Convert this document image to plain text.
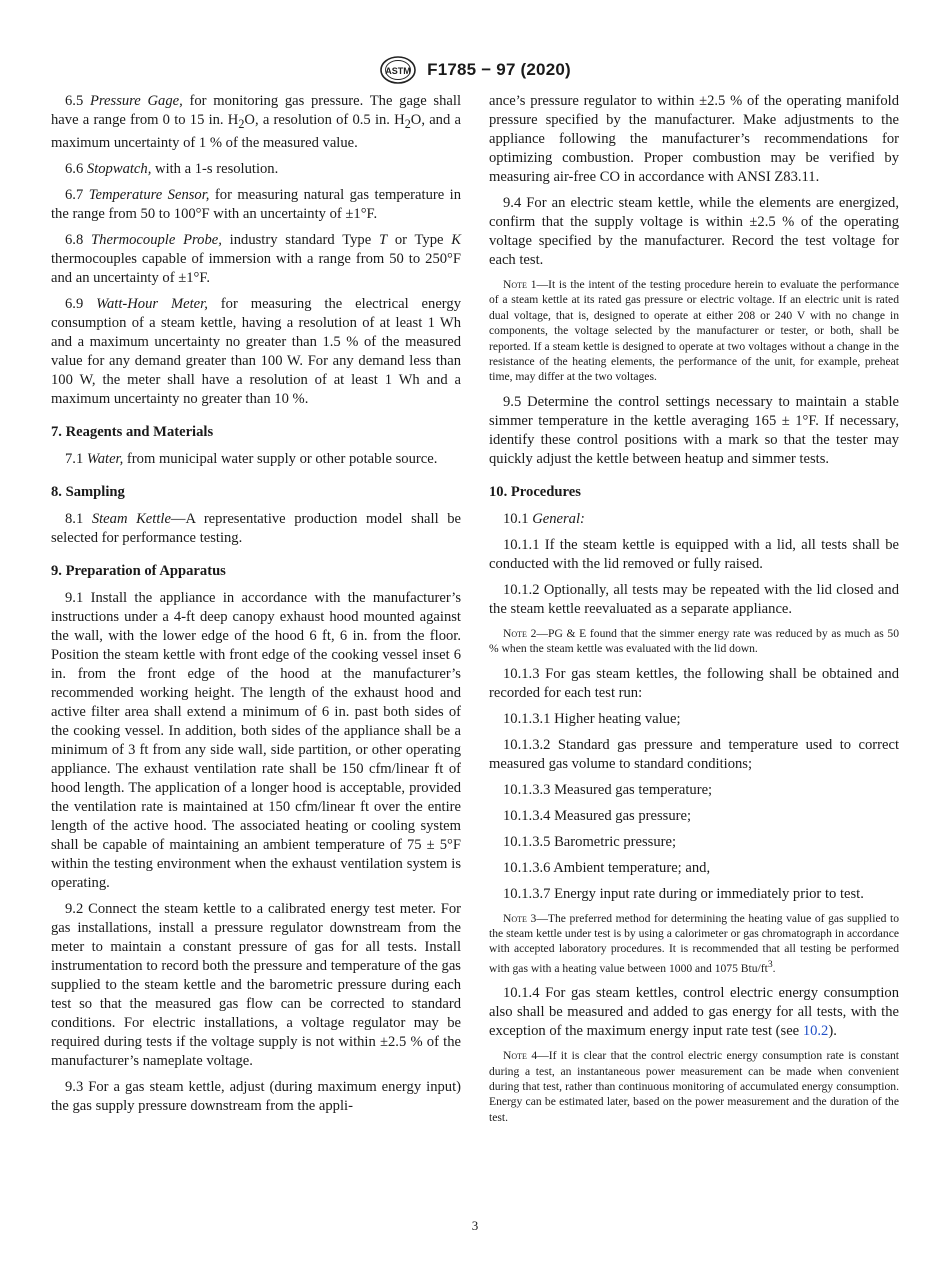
ASTM F1785 − 97 (2020)

6.5 Pressure Gage, for monitoring gas pressure. The gage shall have a range from 0 to 15 in. $H_2O$, a resolution of 0.5 in. $H_2O$, and a maximum uncertainty of 1 % of the measured value.

6.6 Stopwatch, with a 1-s resolution.

6.7 Temperature Sensor, for measuring natural gas temperature in the range from 50 to 100°F with an uncertainty of ±1°F.

6.8 Thermocouple Probe, industry standard Type T or Type K thermocouples capable of immersion with a range from 50 to 250°F and an uncertainty of ±1°F.

6.9 Watt-Hour Meter, for measuring the electrical energy consumption of a steam kettle, having a resolution of at least 1 Wh and a maximum uncertainty no greater than 1.5 % of the measured value for any demand greater than 100 W. For any demand less than 100 W, the meter shall have a resolution of at least 1 Wh and a maximum uncertainty no greater than 10 %.

7. Reagents and Materials

7.1 Water, from municipal water supply or other potable source.

8. Sampling

8.1 Steam Kettle—A representative production model shall be selected for performance testing.

9. Preparation of Apparatus

9.1 Install the appliance in accordance with the manufacturer’s instructions under a 4-ft deep canopy exhaust hood mounted against the wall, with the lower edge of the hood 6 ft, 6 in. from the floor. Position the steam kettle with front edge of the cooking vessel inset 6 in. from the front edge of the hood at the manufacturer’s recommended working height. The length of the exhaust hood and active filter area shall extend a minimum of 6 in. past both sides of the cooking vessel. In addition, both sides of the appliance shall be a minimum of 3 ft from any side wall, side partition, or other operating appliance. The exhaust ventilation rate shall be 150 cfm/linear ft of hood length. The application of a longer hood is acceptable, provided the ventilation rate is maintained at 150 cfm/linear ft over the entire length of the active hood. The associated heating or cooling system shall be capable of maintaining an ambient temperature of 75 ± 5°F within the testing environment when the exhaust ventilation system is operating.

9.2 Connect the steam kettle to a calibrated energy test meter. For gas installations, install a pressure regulator downstream from the meter to maintain a constant pressure of gas for all tests. Install instrumentation to record both the pressure and temperature of the gas supplied to the steam kettle and the barometric pressure during each test so that the measured gas flow can be corrected to standard conditions. For electric installations, a voltage regulator may be required during tests if the voltage supply is not within ±2.5 % of the manufacturer’s nameplate voltage.

9.3 For a gas steam kettle, adjust (during maximum energy input) the gas supply pressure downstream from the appli-

ance’s pressure regulator to within ±2.5 % of the operating manifold pressure specified by the manufacturer. Make adjustments to the appliance following the manufacturer’s recommendations for optimizing combustion. Proper combustion may be verified by measuring air-free CO in accordance with ANSI Z83.11.

9.4 For an electric steam kettle, while the elements are energized, confirm that the supply voltage is within ±2.5 % of the operating voltage specified by the manufacturer. Record the test voltage for each test.

Note 1—It is the intent of the testing procedure herein to evaluate the performance of a steam kettle at its rated gas pressure or electric voltage. If an electric unit is rated dual voltage, that is, designed to operate at either 208 or 240 V with no change in components, the voltage selected by the manufacturer or tester, or both, shall be reported. If a steam kettle is designed to operate at two voltages without a change in the resistance of the heating elements, the performance of the unit, for example, preheat time, may differ at the two voltages.

9.5 Determine the control settings necessary to maintain a stable simmer temperature in the kettle averaging 165 ± 1°F. If necessary, identify these control positions with a mark so that the tester may quickly adjust the kettle between heatup and simmer tests.

10. Procedures

10.1 General:

10.1.1 If the steam kettle is equipped with a lid, all tests shall be conducted with the lid removed or fully raised.

10.1.2 Optionally, all tests may be repeated with the lid closed and the steam kettle reevaluated as a separate appliance.

Note 2—PG & E found that the simmer energy rate was reduced by as much as 50 % when the steam kettle was evaluated with the lid down.

10.1.3 For gas steam kettles, the following shall be obtained and recorded for each test run:

10.1.3.1 Higher heating value;

10.1.3.2 Standard gas pressure and temperature used to correct measured gas volume to standard conditions;

10.1.3.3 Measured gas temperature;

10.1.3.4 Measured gas pressure;

10.1.3.5 Barometric pressure;

10.1.3.6 Ambient temperature; and,

10.1.3.7 Energy input rate during or immediately prior to test.

Note 3—The preferred method for determining the heating value of gas supplied to the steam kettle under test is by using a calorimeter or gas chromatograph in accordance with accepted laboratory procedures. It is recommended that all testing be performed with gas with a heating value between 1000 and 1075 Btu/$ft^3$.

10.1.4 For gas steam kettles, control electric energy consumption also shall be measured and added to gas energy for all tests, with the exception of the maximum energy input rate test (see 10.2).

Note 4—If it is clear that the control electric energy consumption rate is constant during a test, an instantaneous power measurement can be made when convenient during that test, rather than continuous monitoring of accumulated energy consumption. Energy can be estimated later, based on the power measurement and the duration of the test.

3
